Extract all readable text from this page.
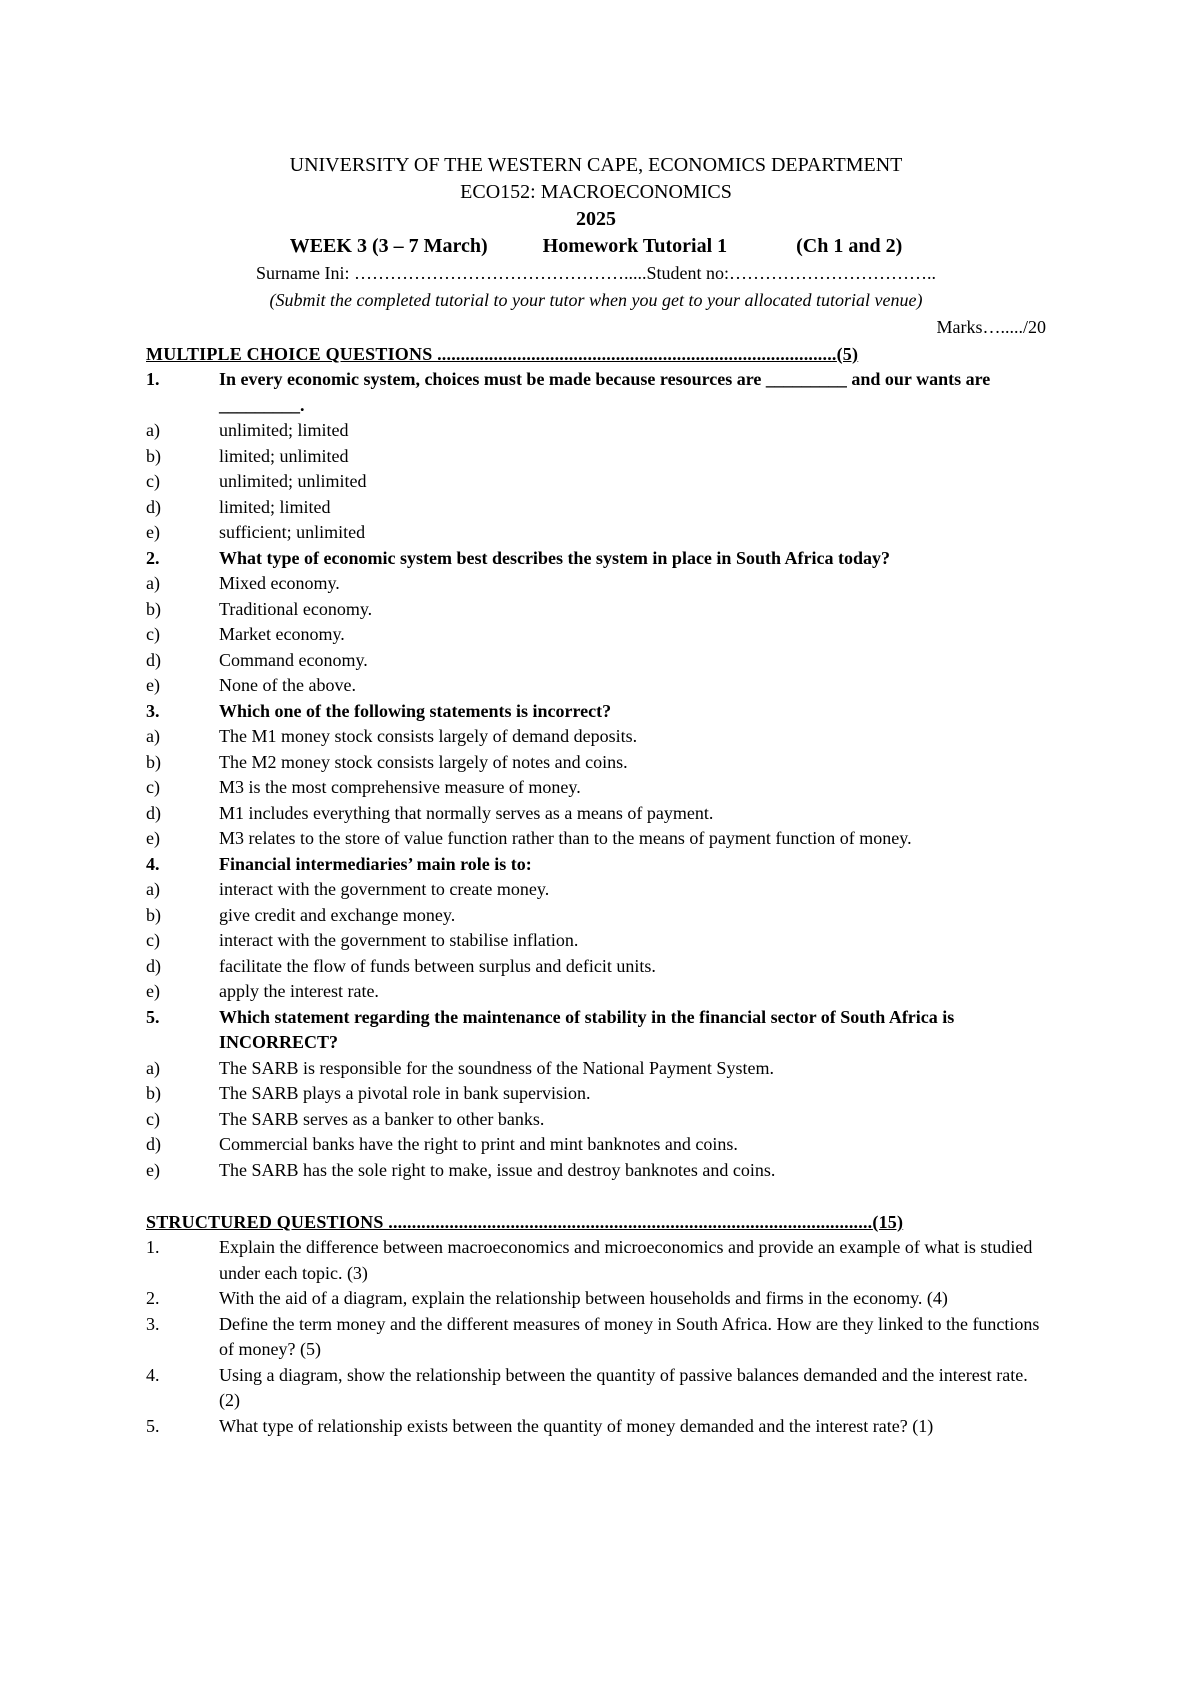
UNIVERSITY OF THE WESTERN CAPE, ECONOMICS DEPARTMENT
ECO152: MACROECONOMICS
2025
WEEK 3 (3 – 7 March)	Homework Tutorial 1	(Ch 1 and 2)
Surname Ini: ……………………………………….....Student no:……………………………..
(Submit the completed tutorial to your tutor when you get to your allocated tutorial venue)
Marks…...../20
MULTIPLE CHOICE QUESTIONS .....................................................................................(5)
1.	In every economic system, choices must be made because resources are _________ and our wants are _________.
a)	unlimited; limited
b)	limited; unlimited
c)	unlimited; unlimited
d)	limited; limited
e)	sufficient; unlimited
2.	What type of economic system best describes the system in place in South Africa today?
a)	Mixed economy.
b)	Traditional economy.
c)	Market economy.
d)	Command economy.
e)	None of the above.
3.	Which one of the following statements is incorrect?
a)	The M1 money stock consists largely of demand deposits.
b)	The M2 money stock consists largely of notes and coins.
c)	M3 is the most comprehensive measure of money.
d)	M1 includes everything that normally serves as a means of payment.
e)	M3 relates to the store of value function rather than to the means of payment function of money.
4.	Financial intermediaries’ main role is to:
a)	interact with the government to create money.
b)	give credit and exchange money.
c)	interact with the government to stabilise inflation.
d)	facilitate the flow of funds between surplus and deficit units.
e)	apply the interest rate.
5.	Which statement regarding the maintenance of stability in the financial sector of South Africa is INCORRECT?
a)	The SARB is responsible for the soundness of the National Payment System.
b)	The SARB plays a pivotal role in bank supervision.
c)	The SARB serves as a banker to other banks.
d)	Commercial banks have the right to print and mint banknotes and coins.
e)	The SARB has the sole right to make, issue and destroy banknotes and coins.
STRUCTURED QUESTIONS .......................................................................................................(15)
1.	Explain the difference between macroeconomics and microeconomics and provide an example of what is studied under each topic. (3)
2.	With the aid of a diagram, explain the relationship between households and firms in the economy. (4)
3.	Define the term money and the different measures of money in South Africa. How are they linked to the functions of money? (5)
4.	Using a diagram, show the relationship between the quantity of passive balances demanded and the interest rate. (2)
5.	What type of relationship exists between the quantity of money demanded and the interest rate? (1)
